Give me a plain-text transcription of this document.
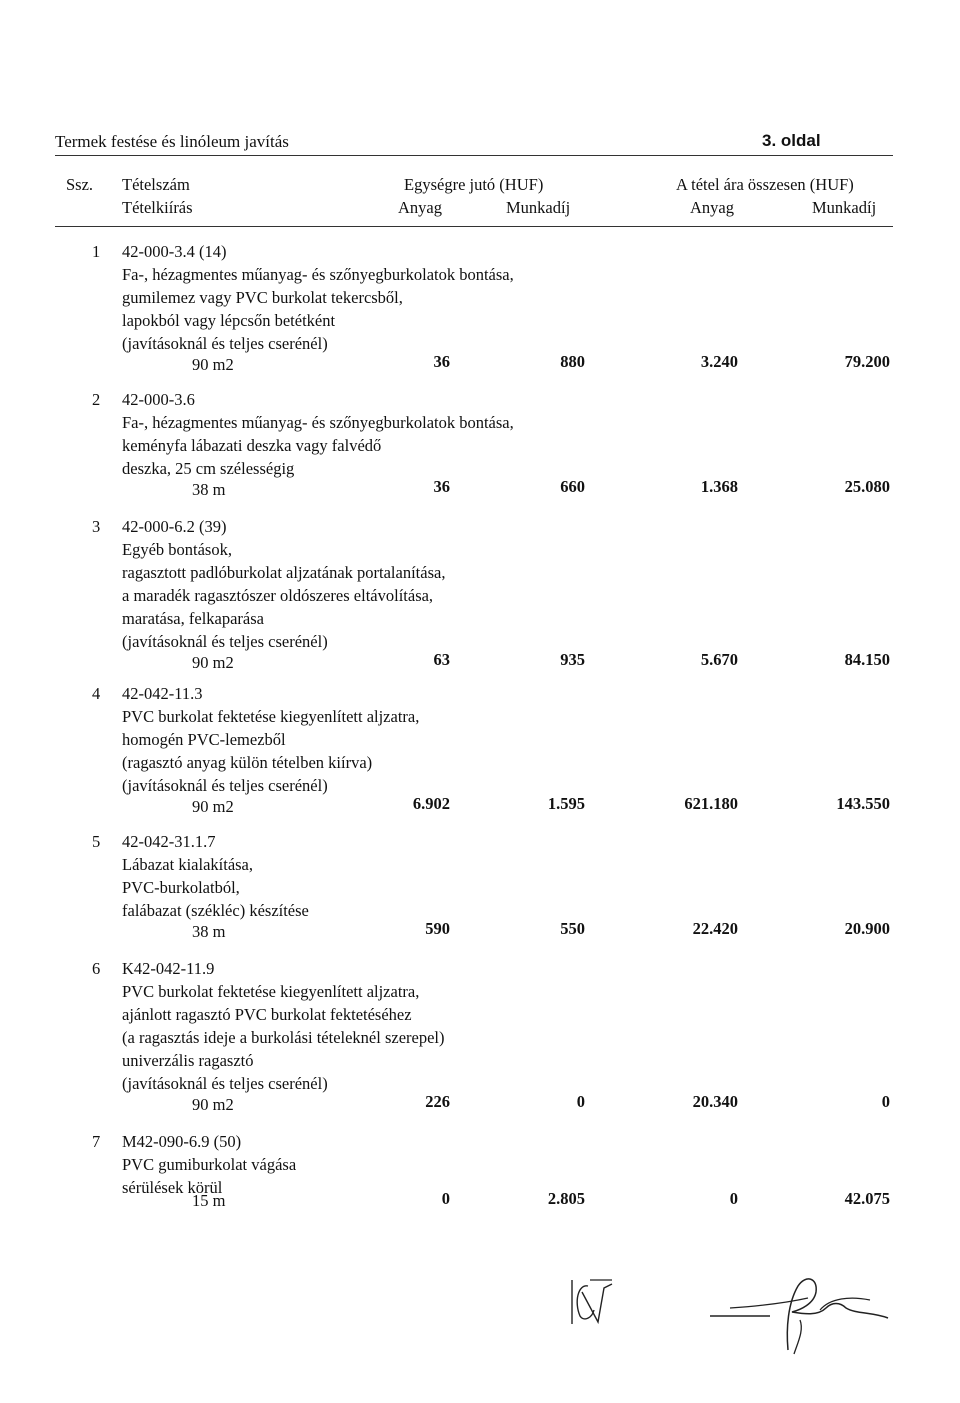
Termek festése és linóleum javítás	3. oldal
Ssz. Tételszám
Tételkiírás
Egységre jutó (HUF)	A tétel ára összesen (HUF)
Anyag	Munkadíj	Anyag	Munkadíj
1 42-000-3.4 (14)
Fa-, hézagmentes műanyag- és szőnyegburkolatok bontása,
gumilemez vagy PVC burkolat tekercsből,
lapokból vagy lépcsőn betétként
(javításoknál és teljes cserénél)
90 m2	36	880	3.240	79.200
2 42-000-3.6
Fa-, hézagmentes műanyag- és szőnyegburkolatok bontása,
keményfa lábazati deszka vagy falvédő
deszka, 25 cm szélességig
38 m	36	660	1.368	25.080
3 42-000-6.2 (39)
Egyéb bontások,
ragasztott padlóburkolat aljzatának portalanítása,
a maradék ragasztószer oldószeres eltávolítása,
maratása, felkaparása
(javításoknál és teljes cserénél)
90 m2	63	935	5.670	84.150
4 42-042-11.3
PVC burkolat fektetése kiegyenlített aljzatra,
homogén PVC-lemezből
(ragasztó anyag külön tételben kiírva)
(javításoknál és teljes cserénél)
90 m2	6.902	1.595	621.180	143.550
5 42-042-31.1.7
Lábazat kialakítása,
PVC-burkolatból,
falábazat (székléc) készítése
38 m	590	550	22.420	20.900
6 K42-042-11.9
PVC burkolat fektetése kiegyenlített aljzatra,
ajánlott ragasztó PVC burkolat fektetéséhez
(a ragasztás ideje a burkolási tételeknél szerepel)
univerzális ragasztó
(javításoknál és teljes cserénél)
90 m2	226	0	20.340	0
7 M42-090-6.9 (50)
PVC gumiburkolat vágása
sérülések körül
15 m	0	2.805	0	42.075
